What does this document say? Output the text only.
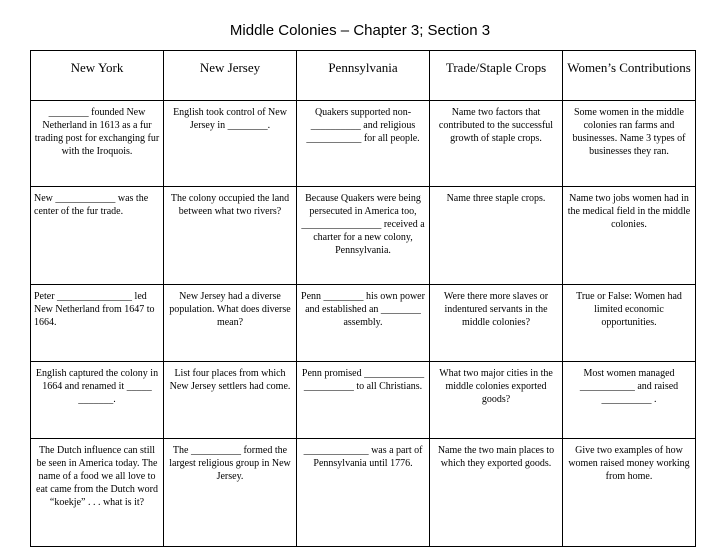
Middle Colonies – Chapter 3; Section 3
New York	New Jersey	Pennsylvania	Trade/Staple Crops	Women’s Contributions
________ founded New Netherland in 1613 as a fur trading post for exchanging fur with the Iroquois.	English took control of New Jersey in ________.	Quakers supported non-__________ and religious ___________ for all people.	Name two factors that contributed to the successful growth of staple crops.	Some women in the middle colonies ran farms and businesses. Name 3 types of businesses they ran.
New ____________ was the center of the fur trade.	The colony occupied the land between what two rivers?	Because Quakers were being persecuted in America too, ________________ received a charter for a new colony, Pennsylvania.	Name three staple crops.	Name two jobs women had in the medical field in the middle colonies.
Peter _______________ led New Netherland from 1647 to 1664.	New Jersey had a diverse population. What does diverse mean?	Penn ________ his own power and established an ________ assembly.	Were there more slaves or indentured servants in the middle colonies?	True or False: Women had limited economic opportunities.
English captured the colony in 1664 and renamed it _____ _______.	List four places from which New Jersey settlers had come.	Penn promised ____________ __________ to all Christians.	What two major cities in the middle colonies exported goods?	Most women managed ___________ and raised __________ .
The Dutch influence can still be seen in America today. The name of a food we all love to eat came from the Dutch word “koekje” . . . what is it?	The __________ formed the largest religious group in New Jersey.	_____________ was a part of Pennsylvania until 1776.	Name the two main places to which they exported goods.	Give two examples of how women raised money working from home.
